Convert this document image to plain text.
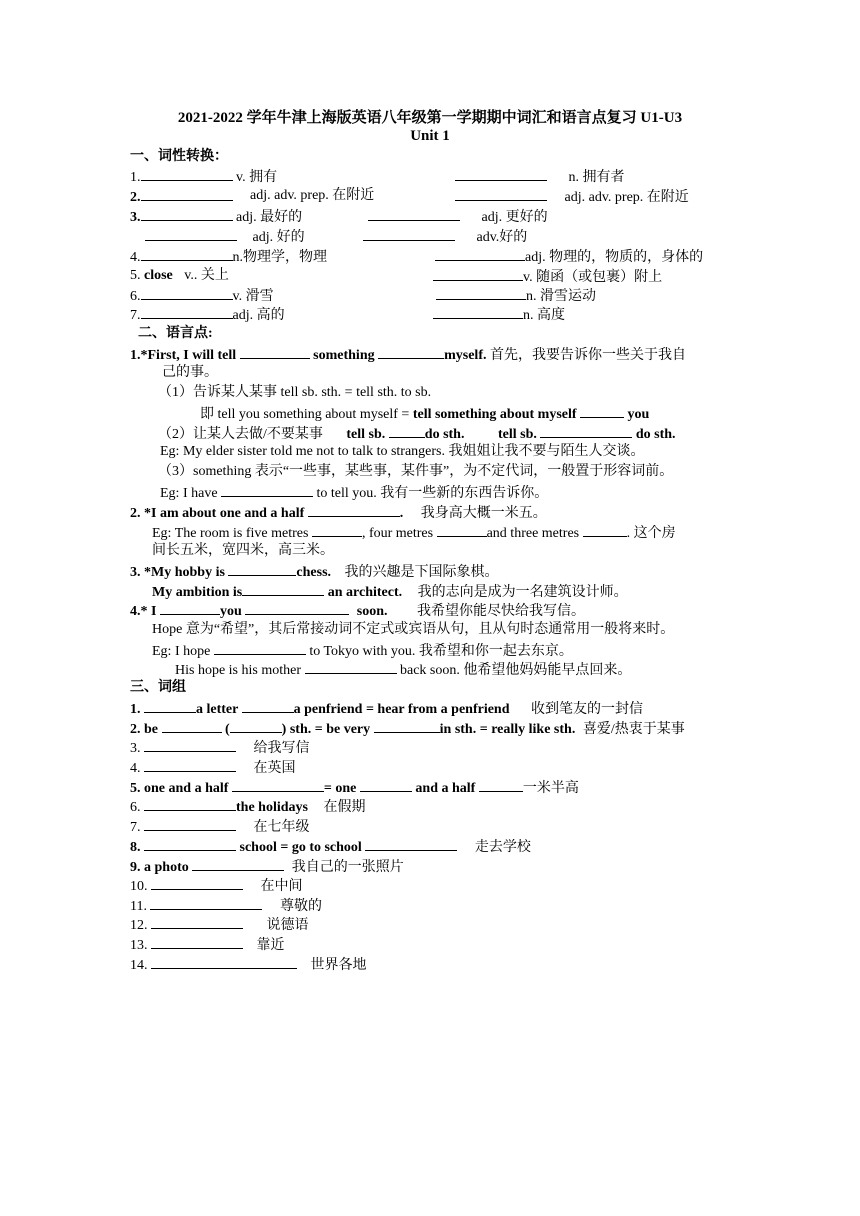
2021-2022 学年牛津上海版英语八年级第一学期期中词汇和语言点复习 U1-U3
Unit 1
一、词性转换：
1.	v. 拥有	n. 拥有者
2.	adj. adv. prep. 在附近	adj. adv. prep. 在附近
3.	adj. 最好的	adj. 更好的
adj. 好的	adv.好的
4.	n.物理学，物理	adj. 物理的，物质的，身体的
5. close v.. 关上	v. 随函（或包裹）附上
6.	v. 滑雪	n. 滑雪运动
7.	adj. 高的	n. 高度
二、语言点:
1.*First, I will tell	something	myself. 首先，我要告诉你一些关于我自
己的事。
（1）告诉某人某事 tell sb. sth. = tell sth. to sb.
即 tell you something about myself = tell something about myself	you
（2）让某人去做/不要某事 tell sb.	do sth. tell sb.	do sth.
Eg: My elder sister told me not to talk to strangers. 我姐姐让我不要与陌生人交谈。
（3）something 表示“一些事，某些事，某件事”，为不定代词，一般置于形容词前。
Eg: I have	to tell you. 我有一些新的东西告诉你。
2. *I am about one and a half	. 我身高大概一米五。
Eg: The room is five metres	, four metres	and three metres	. 这个房
间长五米，宽四米，高三米。
3. *My hobby is	chess. 我的兴趣是下国际象棋。
My ambition is	an architect. 我的志向是成为一名建筑设计师。
4.* I	you	soon. 我希望你能尽快给我写信。
Hope 意为“希望”，其后常接动词不定式或宾语从句，且从句时态通常用一般将来时。
Eg: I hope	to Tokyo with you. 我希望和你一起去东京。
His hope is his mother	back soon. 他希望他妈妈能早点回来。
三、词组
1.	a letter	a penfriend = hear from a penfriend 收到笔友的一封信
2. be	(	) sth. = be very	in sth. = really like sth. 喜爱/热衷于某事
3.	给我写信
4.	在英国
5. one and a half	= one	and a half	一米半高
6.	the holidays 在假期
7.	在七年级
8.	school = go to school	走去学校
9. a photo	我自己的一张照片
10.	在中间
11.	尊敬的
12.	说德语
13.	靠近
14.	世界各地
